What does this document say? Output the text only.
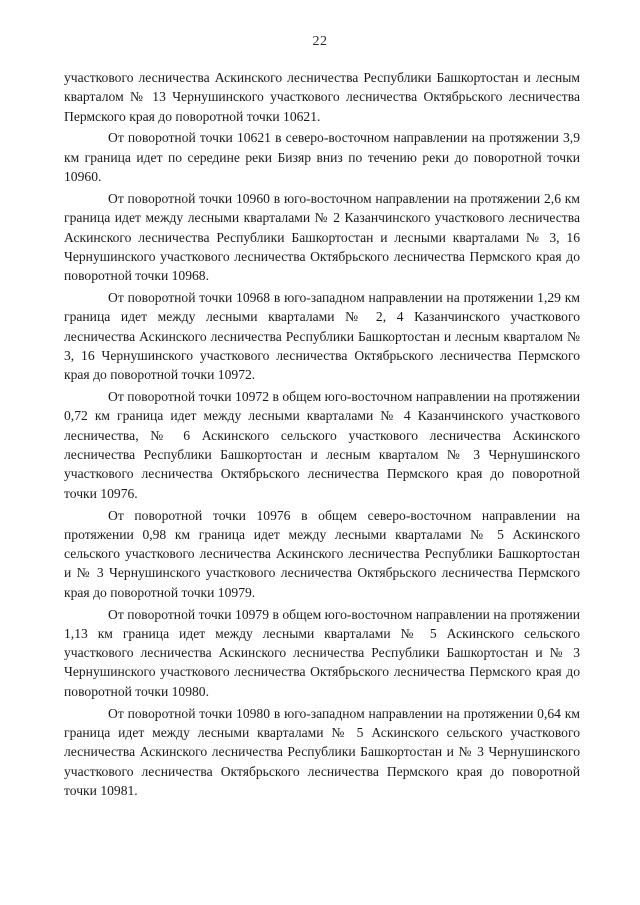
22

участкового лесничества Аскинского лесничества Республики Башкортостан и лесным кварталом № 13 Чернушинского участкового лесничества Октябрьского лесничества Пермского края до поворотной точки 10621.

От поворотной точки 10621 в северо-восточном направлении на протяжении 3,9 км граница идет по середине реки Бизяр вниз по течению реки до поворотной точки 10960.

От поворотной точки 10960 в юго-восточном направлении на протяжении 2,6 км граница идет между лесными кварталами № 2 Казанчинского участкового лесничества Аскинского лесничества Республики Башкортостан и лесными кварталами № 3, 16 Чернушинского участкового лесничества Октябрьского лесничества Пермского края до поворотной точки 10968.

От поворотной точки 10968 в юго-западном направлении на протяжении 1,29 км граница идет между лесными кварталами № 2, 4 Казанчинского участкового лесничества Аскинского лесничества Республики Башкортостан и лесным кварталом № 3, 16 Чернушинского участкового лесничества Октябрьского лесничества Пермского края до поворотной точки 10972.

От поворотной точки 10972 в общем юго-восточном направлении на протяжении 0,72 км граница идет между лесными кварталами № 4 Казанчинского участкового лесничества, № 6 Аскинского сельского участкового лесничества Аскинского лесничества Республики Башкортостан и лесным кварталом № 3 Чернушинского участкового лесничества Октябрьского лесничества Пермского края до поворотной точки 10976.

От поворотной точки 10976 в общем северо-восточном направлении на протяжении 0,98 км граница идет между лесными кварталами № 5 Аскинского сельского участкового лесничества Аскинского лесничества Республики Башкортостан и № 3 Чернушинского участкового лесничества Октябрьского лесничества Пермского края до поворотной точки 10979.

От поворотной точки 10979 в общем юго-восточном направлении на протяжении 1,13 км граница идет между лесными кварталами № 5 Аскинского сельского участкового лесничества Аскинского лесничества Республики Башкортостан и № 3 Чернушинского участкового лесничества Октябрьского лесничества Пермского края до поворотной точки 10980.

От поворотной точки 10980 в юго-западном направлении на протяжении 0,64 км граница идет между лесными кварталами № 5 Аскинского сельского участкового лесничества Аскинского лесничества Республики Башкортостан и № 3 Чернушинского участкового лесничества Октябрьского лесничества Пермского края до поворотной точки 10981.
